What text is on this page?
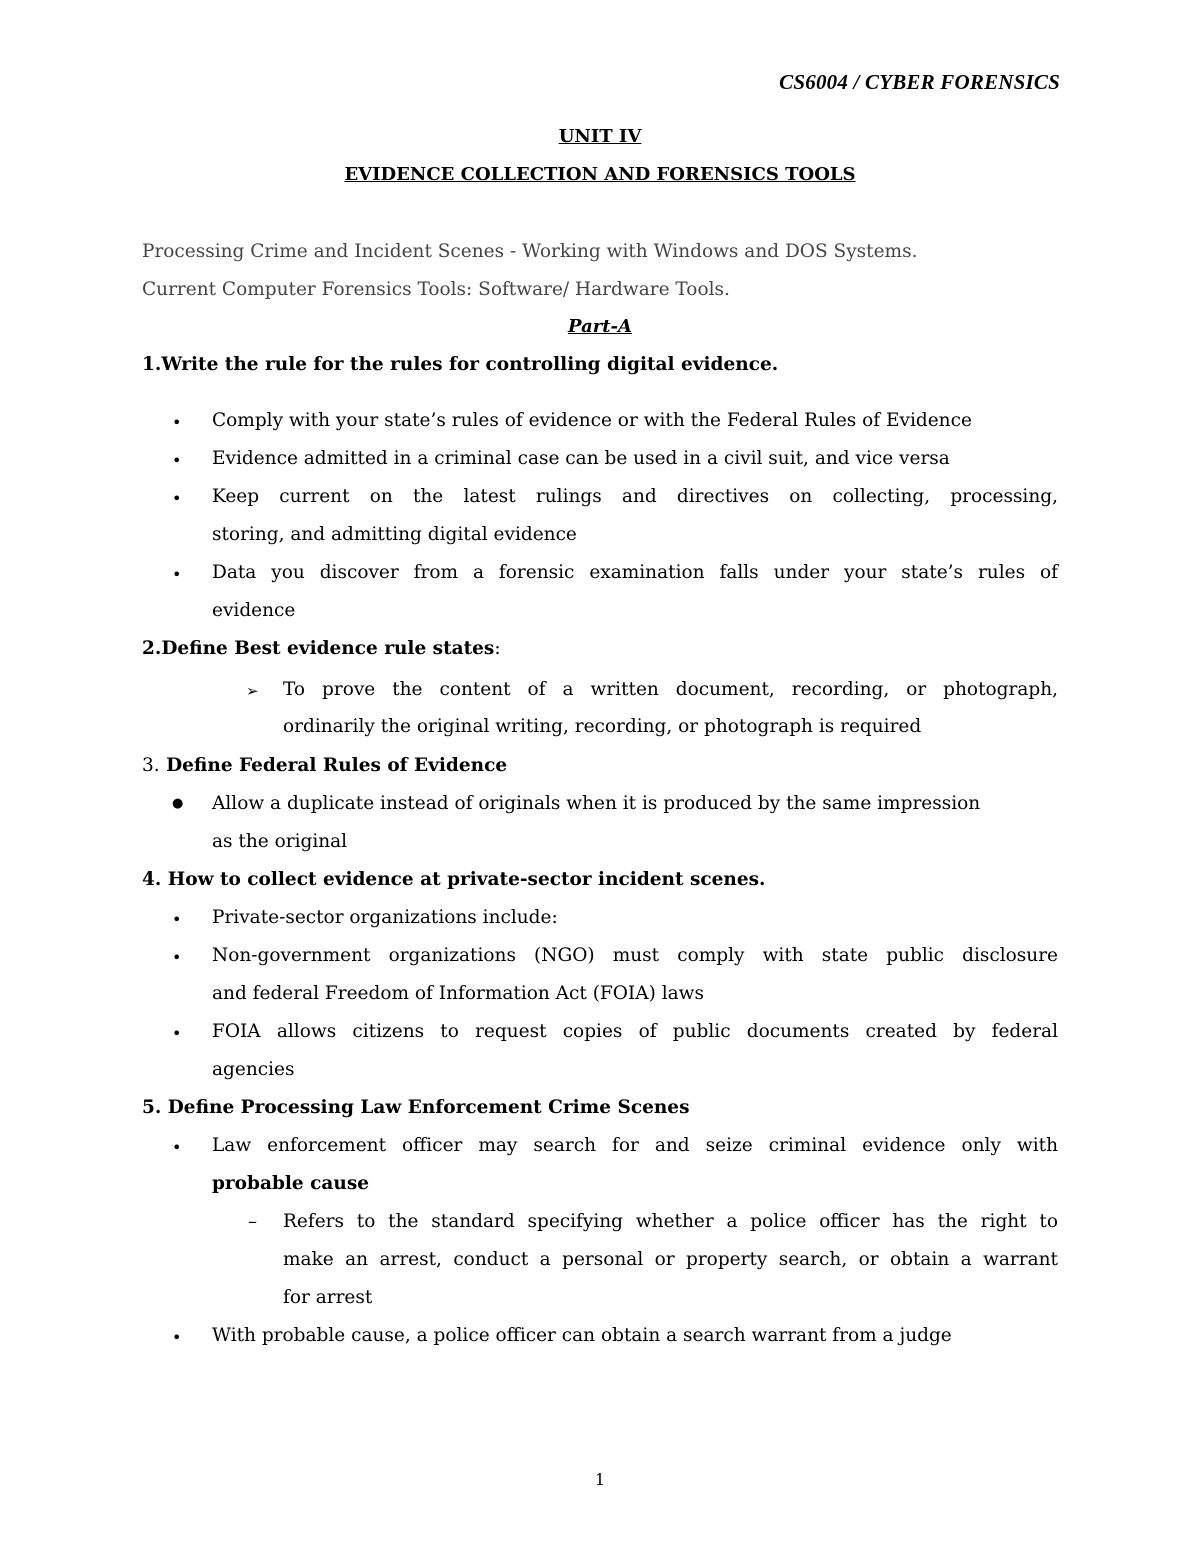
CS6004 / CYBER FORENSICS
UNIT IV
EVIDENCE COLLECTION AND FORENSICS TOOLS
Processing Crime and Incident Scenes - Working with Windows and DOS Systems.
Current Computer Forensics Tools: Software/ Hardware Tools.
Part-A
1.Write the rule for the rules for controlling digital evidence.
• Comply with your state’s rules of evidence or with the Federal Rules of Evidence
• Evidence admitted in a criminal case can be used in a civil suit, and vice versa
• Keep current on the latest rulings and directives on collecting, processing,
storing, and admitting digital evidence
• Data you discover from a forensic examination falls under your state’s rules of
evidence
2.Define Best evidence rule states:
➢ To prove the content of a written document, recording, or photograph,
ordinarily the original writing, recording, or photograph is required
3. Define Federal Rules of Evidence
● Allow a duplicate instead of originals when it is produced by the same impression
as the original
4. How to collect evidence at private-sector incident scenes.
• Private-sector organizations include:
• Non-government organizations (NGO) must comply with state public disclosure
and federal Freedom of Information Act (FOIA) laws
• FOIA allows citizens to request copies of public documents created by federal
agencies
5. Define Processing Law Enforcement Crime Scenes
• Law enforcement officer may search for and seize criminal evidence only with
probable cause
– Refers to the standard specifying whether a police officer has the right to
make an arrest, conduct a personal or property search, or obtain a warrant
for arrest
• With probable cause, a police officer can obtain a search warrant from a judge
1
